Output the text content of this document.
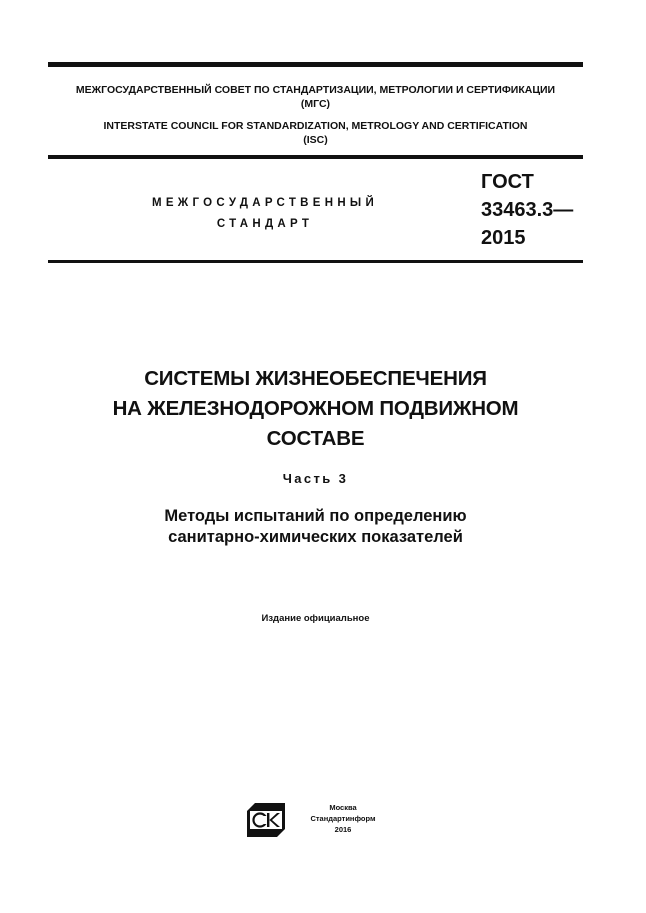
МЕЖГОСУДАРСТВЕННЫЙ СОВЕТ ПО СТАНДАРТИЗАЦИИ, МЕТРОЛОГИИ И СЕРТИФИКАЦИИ
(МГС)
INTERSTATE COUNCIL FOR STANDARDIZATION, METROLOGY AND CERTIFICATION
(ISC)
МЕЖГОСУДАРСТВЕННЫЙ
СТАНДАРТ
ГОСТ
33463.3—
2015
СИСТЕМЫ ЖИЗНЕОБЕСПЕЧЕНИЯ
НА ЖЕЛЕЗНОДОРОЖНОМ ПОДВИЖНОМ
СОСТАВЕ
Часть 3
Методы испытаний по определению
санитарно-химических показателей
Издание официальное
Москва
Стандартинформ
2016
